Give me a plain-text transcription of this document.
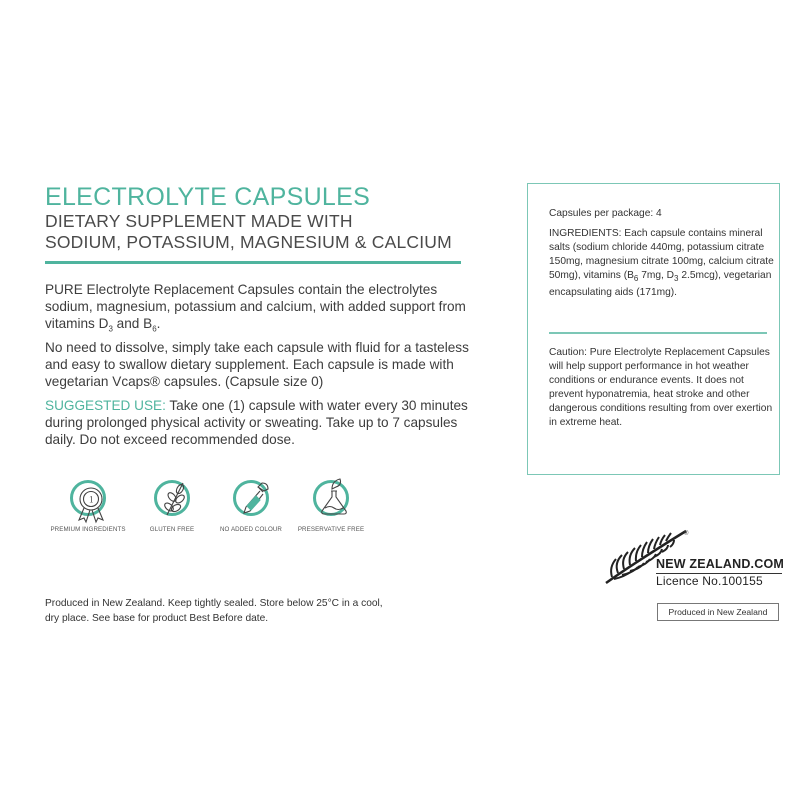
ELECTROLYTE CAPSULES
DIETARY SUPPLEMENT MADE WITH
SODIUM, POTASSIUM, MAGNESIUM & CALCIUM
PURE Electrolyte Replacement Capsules contain the electrolytes sodium, magnesium, potassium and calcium, with added support from vitamins $D_3$ and $B_6$.
No need to dissolve, simply take each capsule with fluid for a tasteless and easy to swallow dietary supplement. Each capsule is made with vegetarian Vcaps® capsules. (Capsule size 0)
SUGGESTED USE: Take one (1) capsule with water every 30 minutes during prolonged physical activity or sweating. Take up to 7 capsules daily. Do not exceed recommended dose.
1
PREMIUM INGREDIENTS	GLUTEN FREE	NO ADDED COLOUR	PRESERVATIVE FREE
Produced in New Zealand. Keep tightly sealed. Store below 25°C in a cool, dry place. See base for product Best Before date.
Capsules per package: 4
INGREDIENTS: Each capsule contains mineral salts (sodium chloride 440mg, potassium citrate 150mg, magnesium citrate 100mg, calcium citrate 50mg), vitamins ($B_6$ 7mg, $D_3$ 2.5mcg), vegetarian encapsulating aids (171mg).
Caution: Pure Electrolyte Replacement Capsules will help support performance in hot weather conditions or endurance events. It does not prevent hyponatremia, heat stroke and other dangerous conditions resulting from over exertion in extreme heat.
®
NEW ZEALAND.COM
Licence No.100155
Produced in New Zealand
